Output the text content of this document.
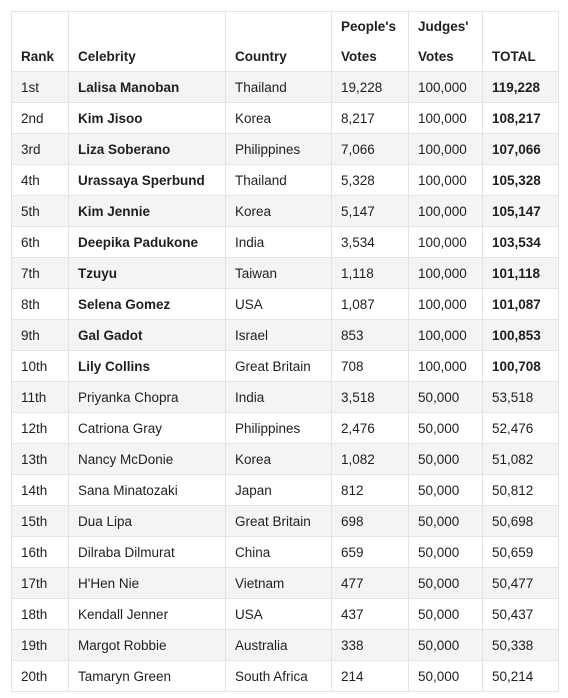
			People's	Judges'	
Rank	Celebrity	Country	Votes	Votes	TOTAL
1st	Lalisa Manoban	Thailand	19,228	100,000	119,228
2nd	Kim Jisoo	Korea	8,217	100,000	108,217
3rd	Liza Soberano	Philippines	7,066	100,000	107,066
4th	Urassaya Sperbund	Thailand	5,328	100,000	105,328
5th	Kim Jennie	Korea	5,147	100,000	105,147
6th	Deepika Padukone	India	3,534	100,000	103,534
7th	Tzuyu	Taiwan	1,118	100,000	101,118
8th	Selena Gomez	USA	1,087	100,000	101,087
9th	Gal Gadot	Israel	853	100,000	100,853
10th	Lily Collins	Great Britain	708	100,000	100,708
11th	Priyanka Chopra	India	3,518	50,000	53,518
12th	Catriona Gray	Philippines	2,476	50,000	52,476
13th	Nancy McDonie	Korea	1,082	50,000	51,082
14th	Sana Minatozaki	Japan	812	50,000	50,812
15th	Dua Lipa	Great Britain	698	50,000	50,698
16th	Dilraba Dilmurat	China	659	50,000	50,659
17th	H'Hen Nie	Vietnam	477	50,000	50,477
18th	Kendall Jenner	USA	437	50,000	50,437
19th	Margot Robbie	Australia	338	50,000	50,338
20th	Tamaryn Green	South Africa	214	50,000	50,214
